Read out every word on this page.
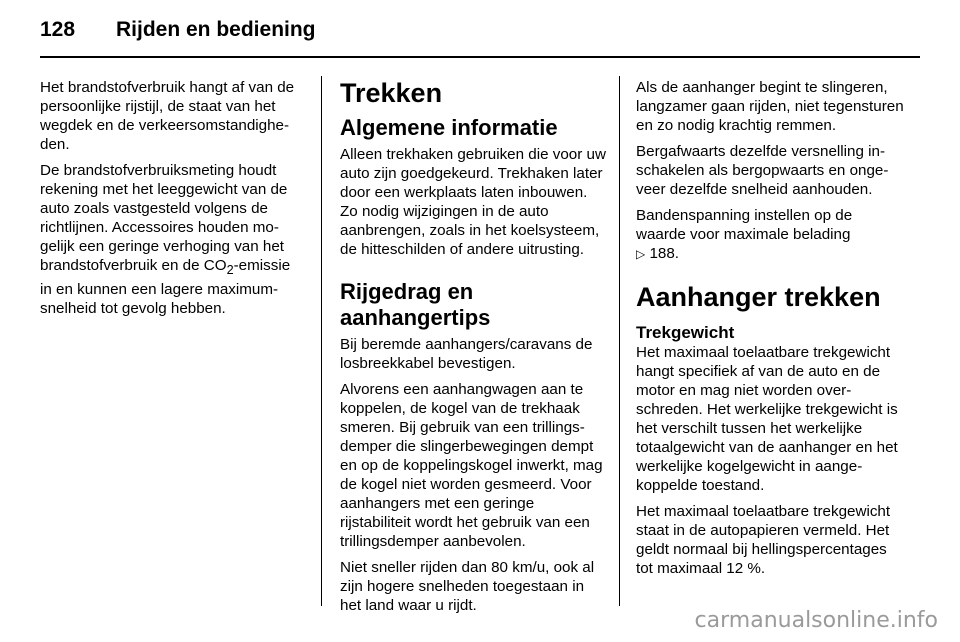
128 Rijden en bediening

Het brandstofverbruik hangt af van de persoonlijke rijstijl, de staat van het wegdek en de verkeersomstandigheden.

De brandstofverbruiksmeting houdt rekening met het leeggewicht van de auto zoals vastgesteld volgens de richtlijnen. Accessoires houden mogelijk een geringe verhoging van het brandstofverbruik en de $CO_2$-emissie in en kunnen een lagere maximumsnelheid tot gevolg hebben.

Trekken
Algemene informatie

Alleen trekhaken gebruiken die voor uw auto zijn goedgekeurd. Trekhaken later door een werkplaats laten inbouwen. Zo nodig wijzigingen in de auto aanbrengen, zoals in het koelsysteem, de hitteschilden of andere uitrusting.

Rijgedrag en aanhangertips

Bij beremde aanhangers/caravans de losbreekkabel bevestigen.

Alvorens een aanhangwagen aan te koppelen, de kogel van de trekhaak smeren. Bij gebruik van een trillingsdemper die slingerbewegingen dempt en op de koppelingskogel inwerkt, mag de kogel niet worden gesmeerd. Voor aanhangers met een geringe rijstabiliteit wordt het gebruik van een trillingsdemper aanbevolen.

Niet sneller rijden dan 80 km/u, ook al zijn hogere snelheden toegestaan in het land waar u rijdt.

Als de aanhanger begint te slingeren, langzamer gaan rijden, niet tegensturen en zo nodig krachtig remmen.

Bergafwaarts dezelfde versnelling inschakelen als bergopwaarts en ongeveer dezelfde snelheid aanhouden.

Bandenspanning instellen op de waarde voor maximale belading
▷ 188.

Aanhanger trekken
Trekgewicht

Het maximaal toelaatbare trekgewicht hangt specifiek af van de auto en de motor en mag niet worden overschreden. Het werkelijke trekgewicht is het verschilt tussen het werkelijke totaalgewicht van de aanhanger en het werkelijke kogelgewicht in aangekoppelde toestand.

Het maximaal toelaatbare trekgewicht staat in de autopapieren vermeld. Het geldt normaal bij hellingspercentages tot maximaal 12 %.

carmanualsonline.info
